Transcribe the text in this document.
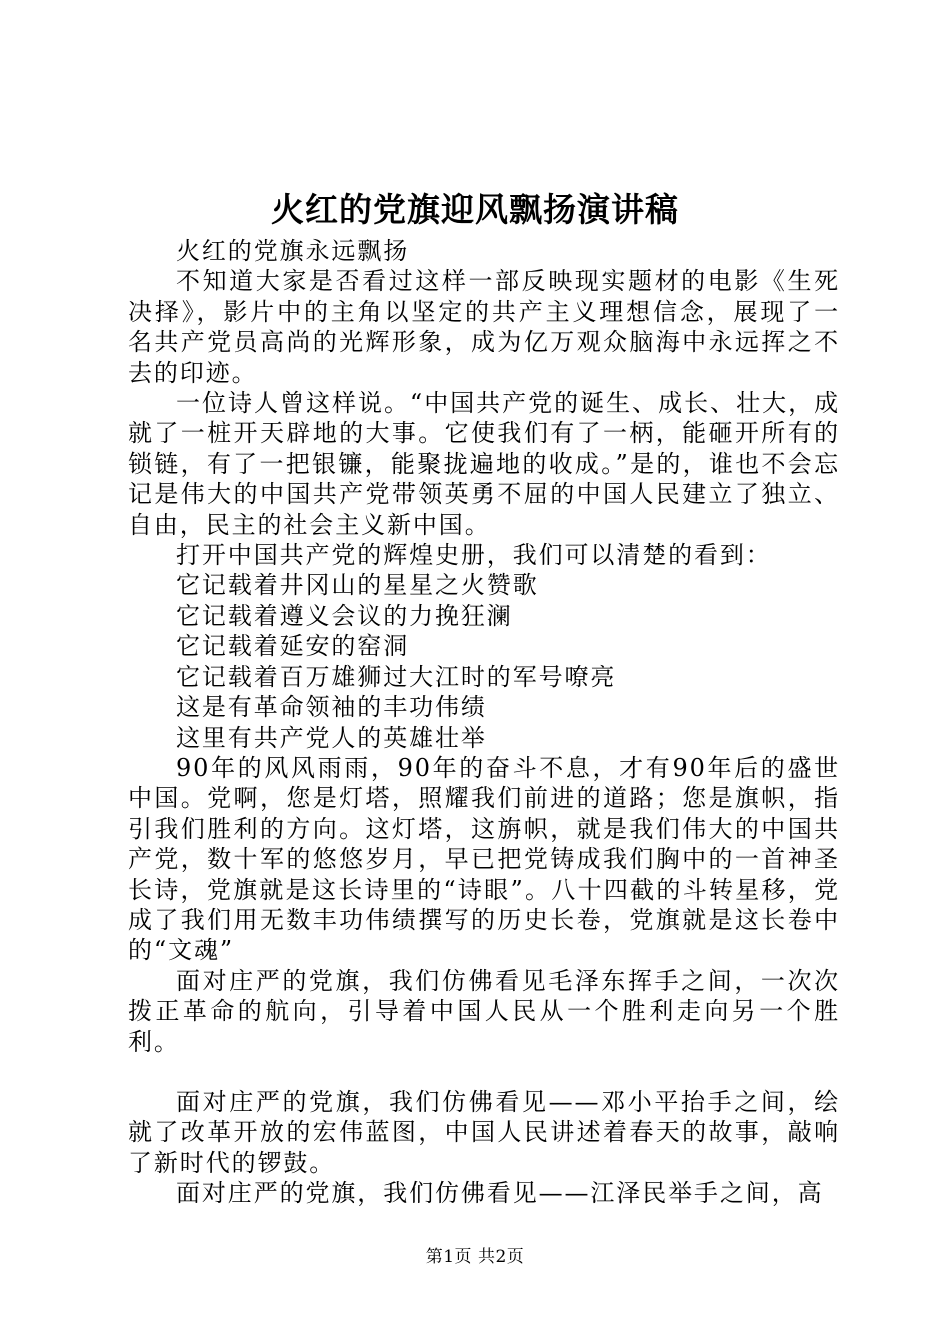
火红的党旗迎风飘扬演讲稿

火红的党旗永远飘扬

不知道大家是否看过这样一部反映现实题材的电影《生死决择》，影片中的主角以坚定的共产主义理想信念，展现了一名共产党员高尚的光辉形象，成为亿万观众脑海中永远挥之不去的印迹。

一位诗人曾这样说。“中国共产党的诞生、成长、壮大，成就了一桩开天辟地的大事。它使我们有了一柄，能砸开所有的锁链，有了一把银镰，能聚拢遍地的收成。”是的，谁也不会忘记是伟大的中国共产党带领英勇不屈的中国人民建立了独立、自由，民主的社会主义新中国。

打开中国共产党的辉煌史册，我们可以清楚的看到：

它记载着井冈山的星星之火赞歌

它记载着遵义会议的力挽狂澜

它记载着延安的窑洞

它记载着百万雄狮过大江时的军号嘹亮

这是有革命领袖的丰功伟绩

这里有共产党人的英雄壮举

90年的风风雨雨，90年的奋斗不息，才有90年后的盛世中国。党啊，您是灯塔，照耀我们前进的道路；您是旗帜，指引我们胜利的方向。这灯塔，这旃帜，就是我们伟大的中国共产党，数十军的悠悠岁月，早已把党铸成我们胸中的一首神圣长诗，党旗就是这长诗里的“诗眼”。八十四截的斗转星移，党成了我们用无数丰功伟绩撰写的历史长卷，党旗就是这长卷中的“文魂”

面对庄严的党旗，我们仿佛看见毛泽东挥手之间，一次次拨正革命的航向，引导着中国人民从一个胜利走向另一个胜利。

面对庄严的党旗，我们仿佛看见——邓小平抬手之间，绘就了改革开放的宏伟蓝图，中国人民讲述着春天的故事，敲响了新时代的锣鼓。

面对庄严的党旗，我们仿佛看见——江泽民举手之间，高

第1页 共2页
